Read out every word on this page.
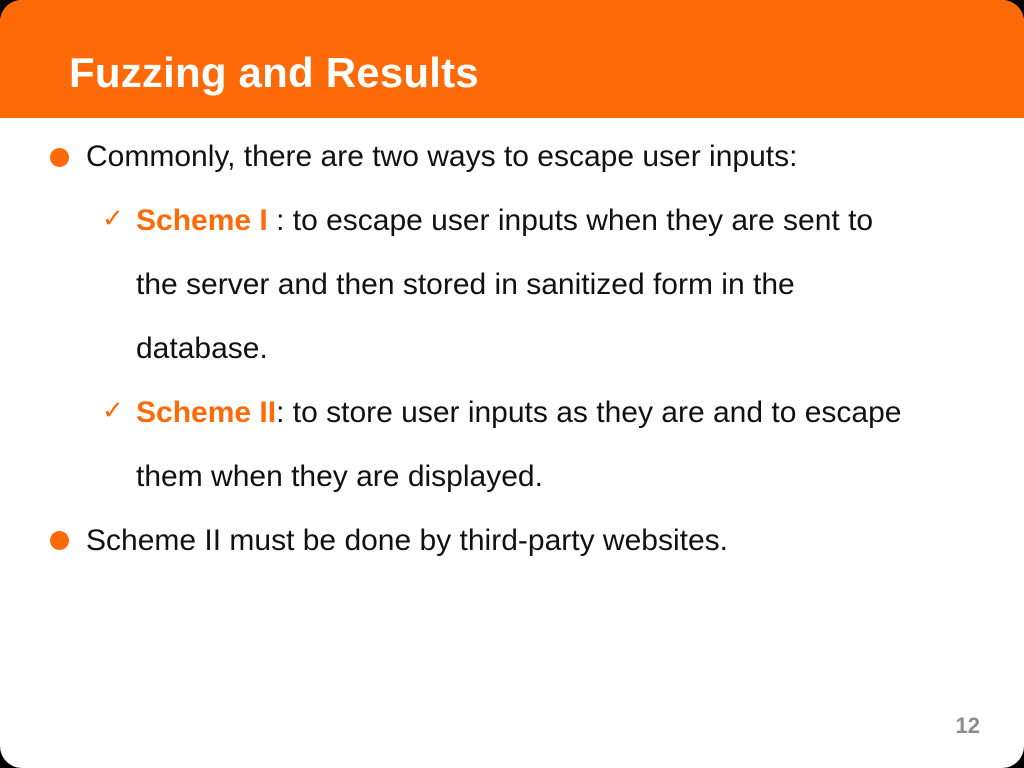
Fuzzing and Results
Commonly, there are two ways to escape user inputs:
✓ Scheme I : to escape user inputs when they are sent to
the server and then stored in sanitized form in the
database.
✓ Scheme II: to store user inputs as they are and to escape
them when they are displayed.
Scheme II must be done by third-party websites.
12
